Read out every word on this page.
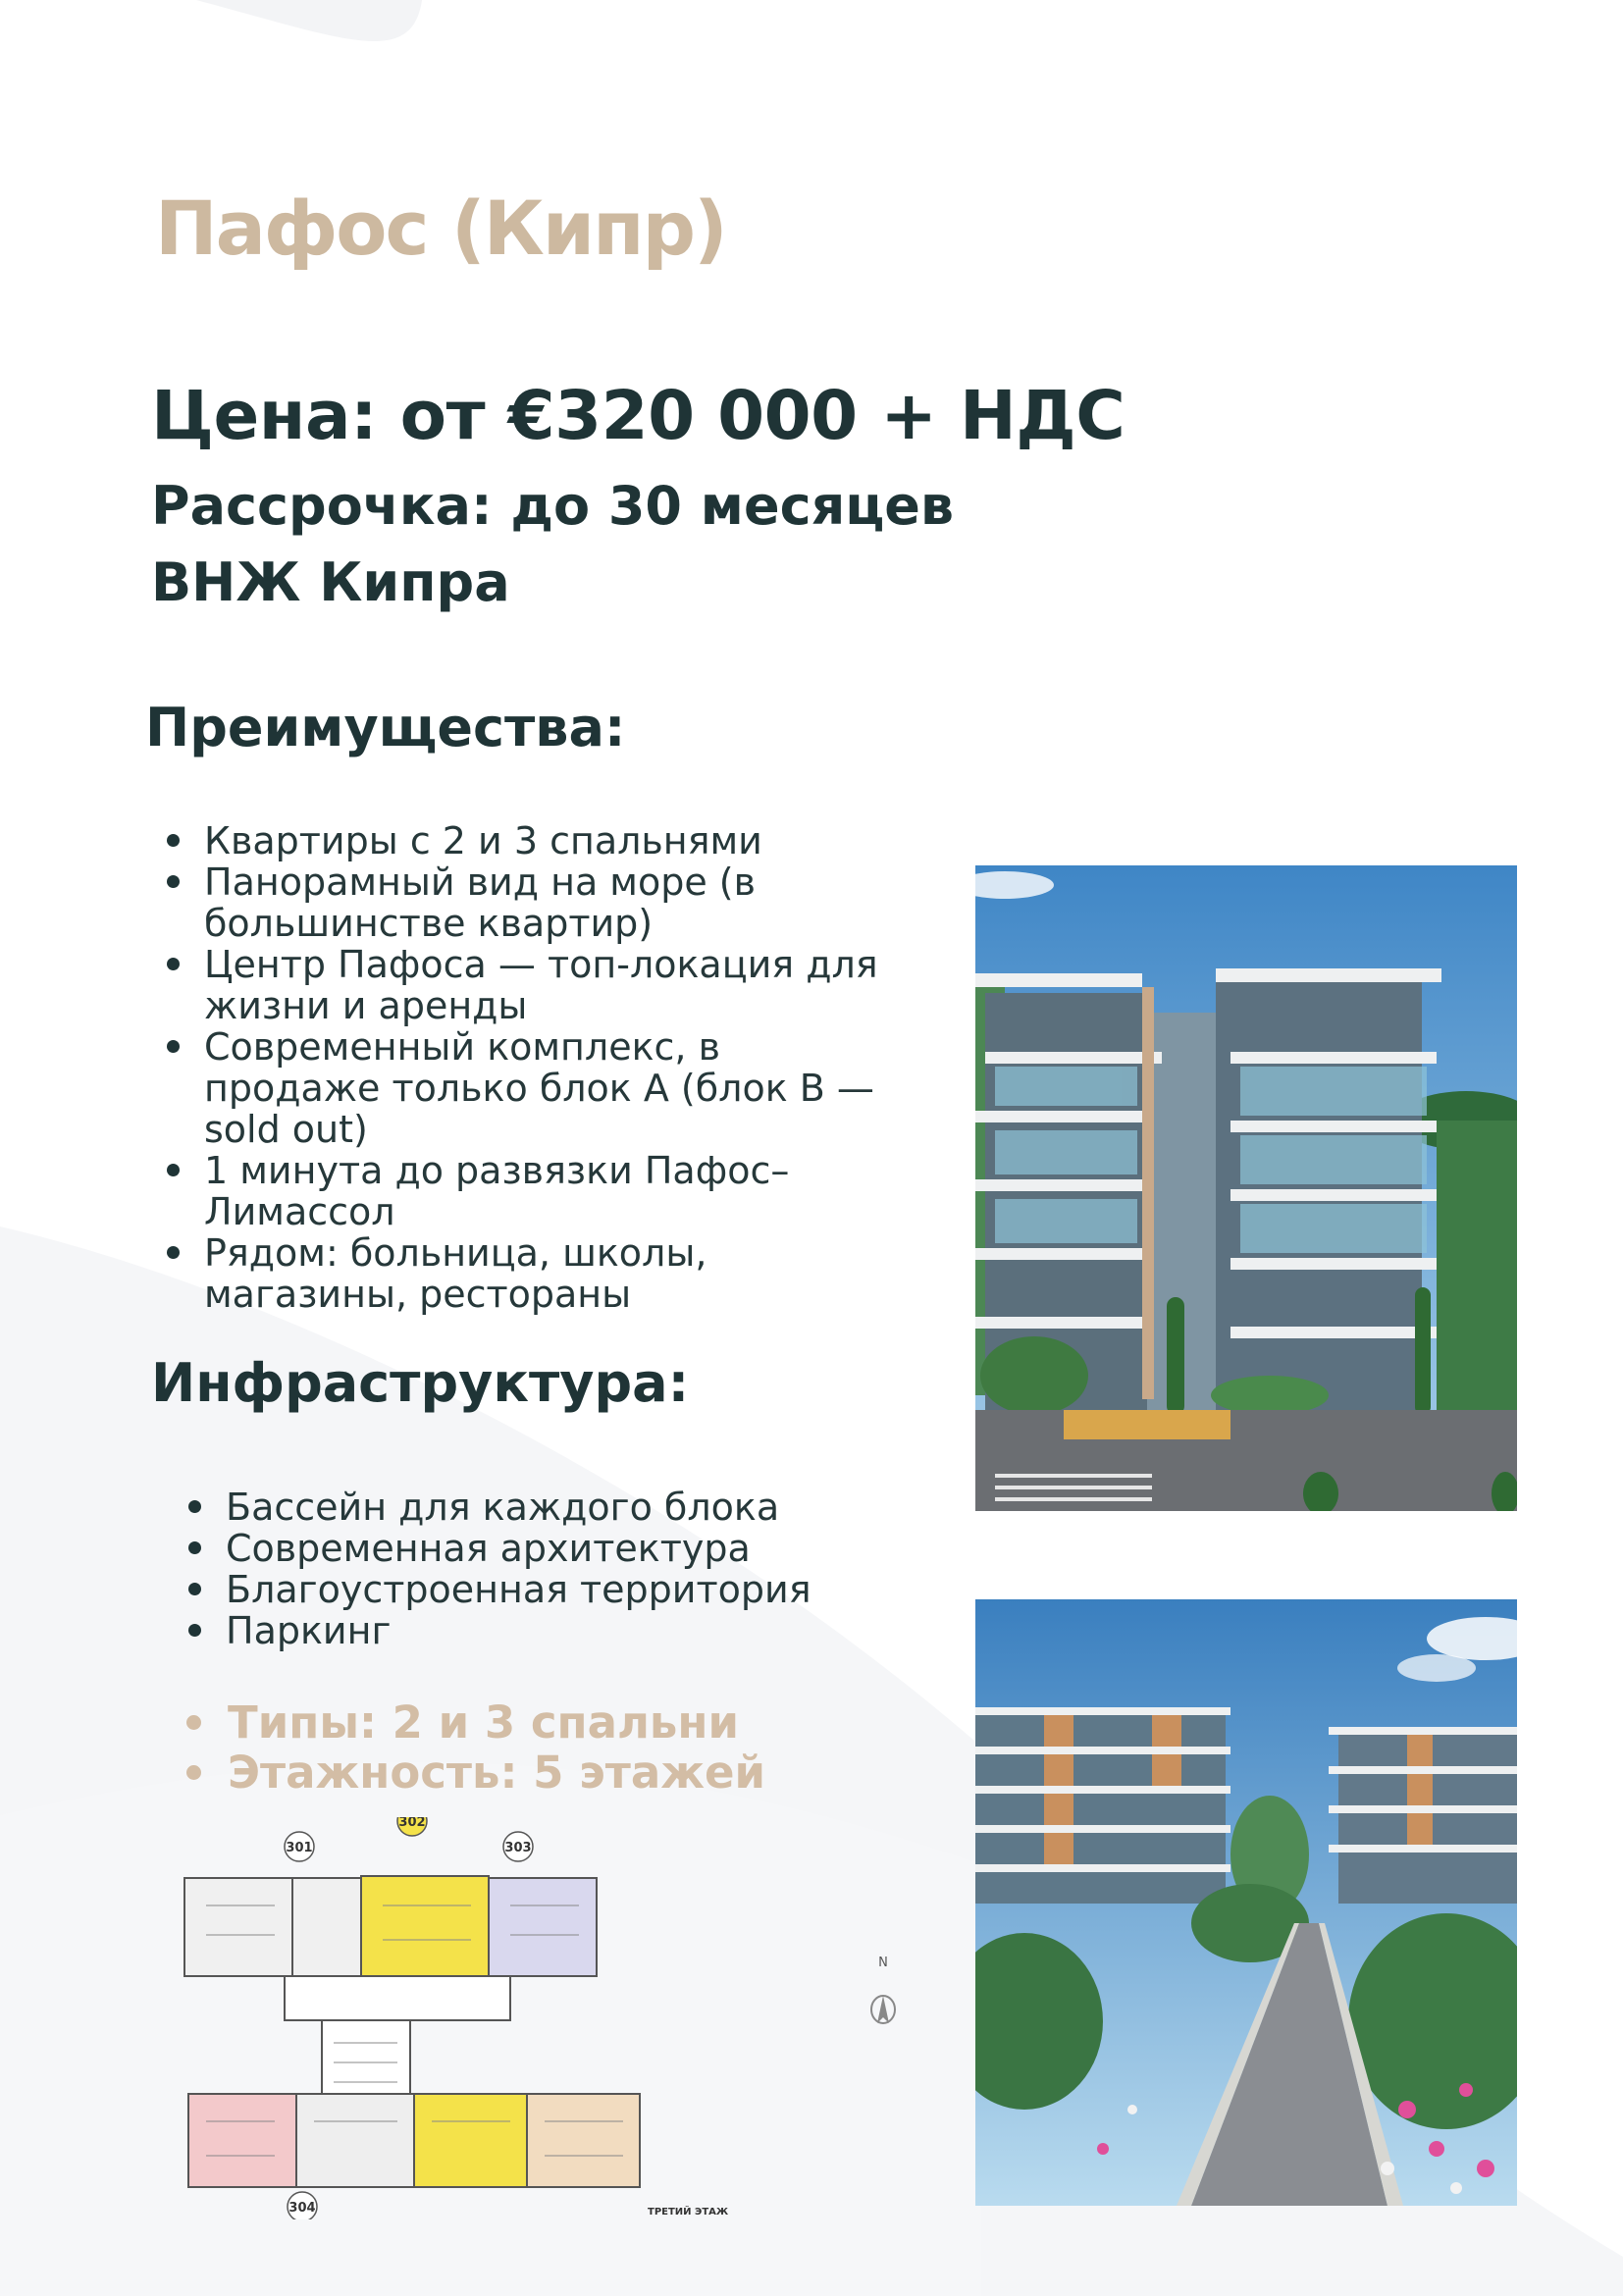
Пафос (Кипр)
Цена: от €320 000 + НДС
Рассрочка: до 30 месяцев
ВНЖ Кипра
Преимущества:
Квартиры с 2 и 3 спальнями
Панорамный вид на море (в большинстве квартир)
Центр Пафоса — топ-локация для жизни и аренды
Современный комплекс, в продаже только блок А (блок В — sold out)
1 минута до развязки Пафос–Лимассол
Рядом: больница, школы, магазины, рестораны
Инфраструктура:
Бассейн для каждого блока
Современная архитектура
Благоустроенная территория
Паркинг
Типы: 2 и 3 спальни
Этажность: 5 этажей
301
302
303
304	ТРЕТИЙ ЭТАЖ
N
